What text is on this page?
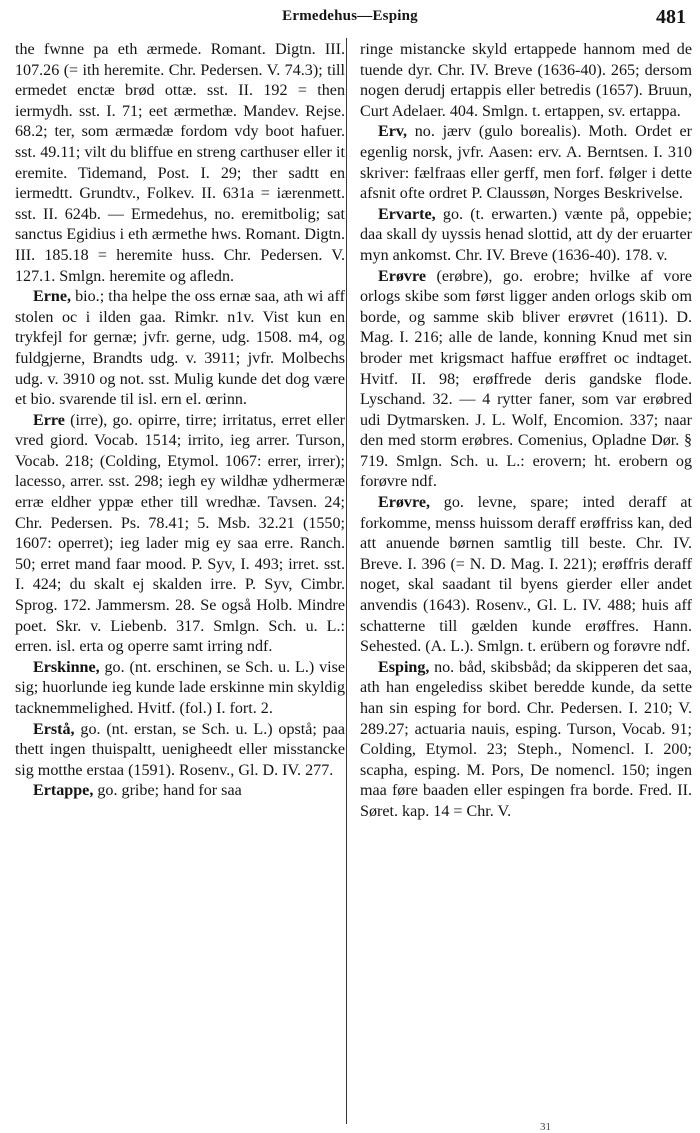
Ermedehus—Esping	481

the fwnne pa eth ærmede. Romant. Digtn. III. 107.26 (= ith heremite. Chr. Pedersen. V. 74.3); till ermedet enctæ brød ottæ. sst. II. 192 = then iermydh. sst. I. 71; eet ærmethæ. Mandev. Rejse. 68.2; ter, som ærmædæ fordom vdy boot hafuer. sst. 49.11; vilt du bliffue en streng carthuser eller it eremite. Tidemand, Post. I. 29; ther sadtt en iermedtt. Grundtv., Folkev. II. 631a = iærenmett. sst. II. 624b. — Ermedehus, no. eremitbolig; sat sanctus Egidius i eth ærmethe hws. Romant. Digtn. III. 185.18 = heremite huss. Chr. Pedersen. V. 127.1. Smlgn. heremite og afledn.

Erne, bio.; tha helpe the oss ernæ saa, ath wi aff stolen oc i ilden gaa. Rimkr. n1v. Vist kun en trykfejl for gernæ; jvfr. gerne, udg. 1508. m4, og fuldgjerne, Brandts udg. v. 3911; jvfr. Molbechs udg. v. 3910 og not. sst. Mulig kunde det dog være et bio. svarende til isl. ern el. œrinn.

Erre (irre), go. opirre, tirre; irritatus, erret eller vred giord. Vocab. 1514; irrito, ieg arrer. Turson, Vocab. 218; (Colding, Etymol. 1067: errer, irrer); lacesso, arrer. sst. 298; iegh ey wildhæ ydhermeræ erræ eldher yppæ ether till wredhæ. Tavsen. 24; Chr. Pedersen. Ps. 78.41; 5. Msb. 32.21 (1550; 1607: operret); ieg lader mig ey saa erre. Ranch. 50; erret mand faar mood. P. Syv, I. 493; irret. sst. I. 424; du skalt ej skalden irre. P. Syv, Cimbr. Sprog. 172. Jammersm. 28. Se også Holb. Mindre poet. Skr. v. Liebenb. 317. Smlgn. Sch. u. L.: erren. isl. erta og operre samt irring ndf.

Erskinne, go. (nt. erschinen, se Sch. u. L.) vise sig; huorlunde ieg kunde lade erskinne min skyldig tacknemmelighed. Hvitf. (fol.) I. fort. 2.

Erstå, go. (nt. erstan, se Sch. u. L.) opstå; paa thett ingen thuispaltt, uenigheedt eller misstancke sig motthe erstaa (1591). Rosenv., Gl. D. IV. 277.

Ertappe, go. gribe; hand for saa

ringe mistancke skyld ertappede hannom med de tuende dyr. Chr. IV. Breve (1636-40). 265; dersom nogen derudj ertappis eller betredis (1657). Bruun, Curt Adelaer. 404. Smlgn. t. ertappen, sv. ertappa.

Erv, no. jærv (gulo borealis). Moth. Ordet er egenlig norsk, jvfr. Aasen: erv. A. Berntsen. I. 310 skriver: fælfraas eller gerff, men forf. følger i dette afsnit ofte ordret P. Claussøn, Norges Beskrivelse.

Ervarte, go. (t. erwarten.) vænte på, oppebie; daa skall dy uyssis henad slottid, att dy der eruarter myn ankomst. Chr. IV. Breve (1636-40). 178. v.

Erøvre (erøbre), go. erobre; hvilke af vore orlogs skibe som først ligger anden orlogs skib om borde, og samme skib bliver erøvret (1611). D. Mag. I. 216; alle de lande, konning Knud met sin broder met krigsmact haffue erøffret oc indtaget. Hvitf. II. 98; erøffrede deris gandske flode. Lyschand. 32. — 4 rytter faner, som var erøbred udi Dytmarsken. J. L. Wolf, Encomion. 337; naar den med storm erøbres. Comenius, Opladne Dør. § 719. Smlgn. Sch. u. L.: erovern; ht. erobern og forøvre ndf.

Erøvre, go. levne, spare; inted deraff at forkomme, menss huissom deraff erøffriss kan, ded att anuende børnen samtlig till beste. Chr. IV. Breve. I. 396 (= N. D. Mag. I. 221); erøffris deraff noget, skal saadant til byens gierder eller andet anvendis (1643). Rosenv., Gl. L. IV. 488; huis aff schatterne till gælden kunde erøffres. Hann. Sehested. (A. L.). Smlgn. t. erübern og forøvre ndf.

Esping, no. båd, skibsbåd; da skipperen det saa, ath han engelediss skibet beredde kunde, da sette han sin esping for bord. Chr. Pedersen. I. 210; V. 289.27; actuaria nauis, esping. Turson, Vocab. 91; Colding, Etymol. 23; Steph., Nomencl. I. 200; scapha, esping. M. Pors, De nomencl. 150; ingen maa føre baaden eller espingen fra borde. Fred. II. Søret. kap. 14 = Chr. V.

31
